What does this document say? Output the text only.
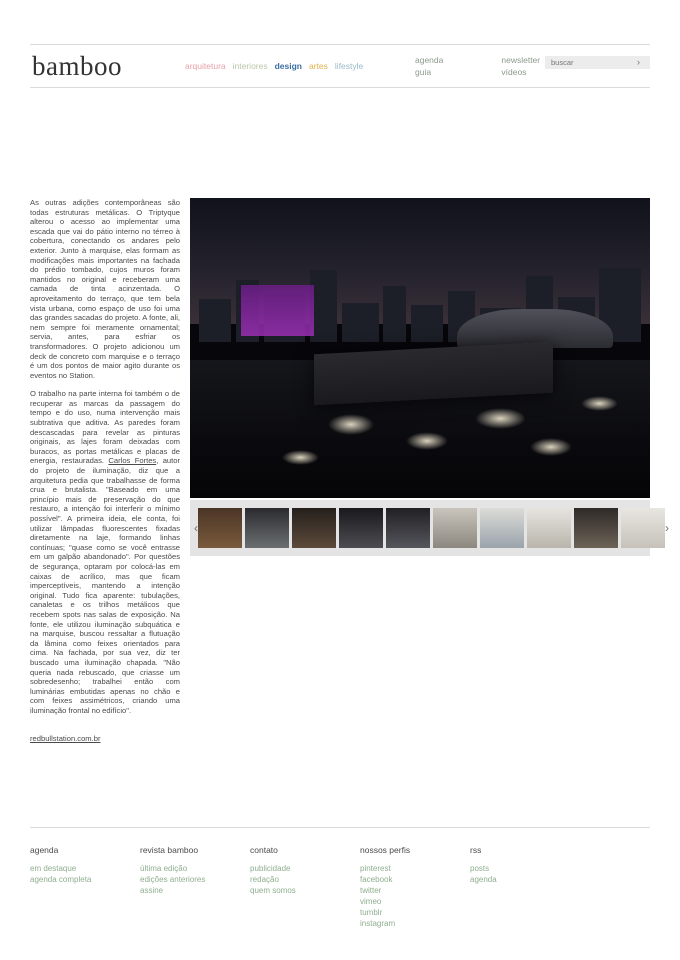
bamboo	arquitetura interiores design artes lifestyle
agenda
guia
newsletter
vídeos
buscar
›

As outras adições contemporâneas são todas estruturas metálicas. O Triptyque alterou o acesso ao implementar uma escada que vai do pátio interno no térreo à cobertura, conectando os andares pelo exterior. Junto à marquise, elas formam as modificações mais importantes na fachada do prédio tombado, cujos muros foram mantidos no original e receberam uma camada de tinta acinzentada. O aproveitamento do terraço, que tem bela vista urbana, como espaço de uso foi uma das grandes sacadas do projeto. A fonte, ali, nem sempre foi meramente ornamental; servia, antes, para esfriar os transformadores. O projeto adicionou um deck de concreto com marquise e o terraço é um dos pontos de maior agito durante os eventos no Station.

O trabalho na parte interna foi também o de recuperar as marcas da passagem do tempo e do uso, numa intervenção mais subtrativa que aditiva. As paredes foram descascadas para revelar as pinturas originais, as lajes foram deixadas com buracos, as portas metálicas e placas de energia, restauradas. Carlos Fortes, autor do projeto de iluminação, diz que a arquitetura pedia que trabalhasse de forma crua e brutalista. "Baseado em uma princípio mais de preservação do que restauro, a intenção foi interferir o mínimo possível". A primeira ideia, ele conta, foi utilizar lâmpadas fluorescentes fixadas diretamente na laje, formando linhas contínuas; "quase como se você entrasse em um galpão abandonado". Por questões de segurança, optaram por colocá-las em caixas de acrílico, mas que ficam imperceptíveis, mantendo a intenção original. Tudo fica aparente: tubulações, canaletas e os trilhos metálicos que recebem spots nas salas de exposição. Na fonte, ele utilizou iluminação subquática e na marquise, buscou ressaltar a flutuação da lâmina como feixes orientados para cima. Na fachada, por sua vez, diz ter buscado uma iluminação chapada. "Não queria nada rebuscado, que criasse um sobredesenho; trabalhei então com luminárias embutidas apenas no chão e com feixes assimétricos, criando uma iluminação frontal no edifício".

redbullstation.com.br
‹	›
agenda
em destaque
agenda completa
revista bamboo
última edição
edições anteriores
assine
contato
publicidade
redação
quem somos
nossos perfis
pinterest
facebook
twitter
vimeo
tumblr
instagram
rss
posts
agenda
